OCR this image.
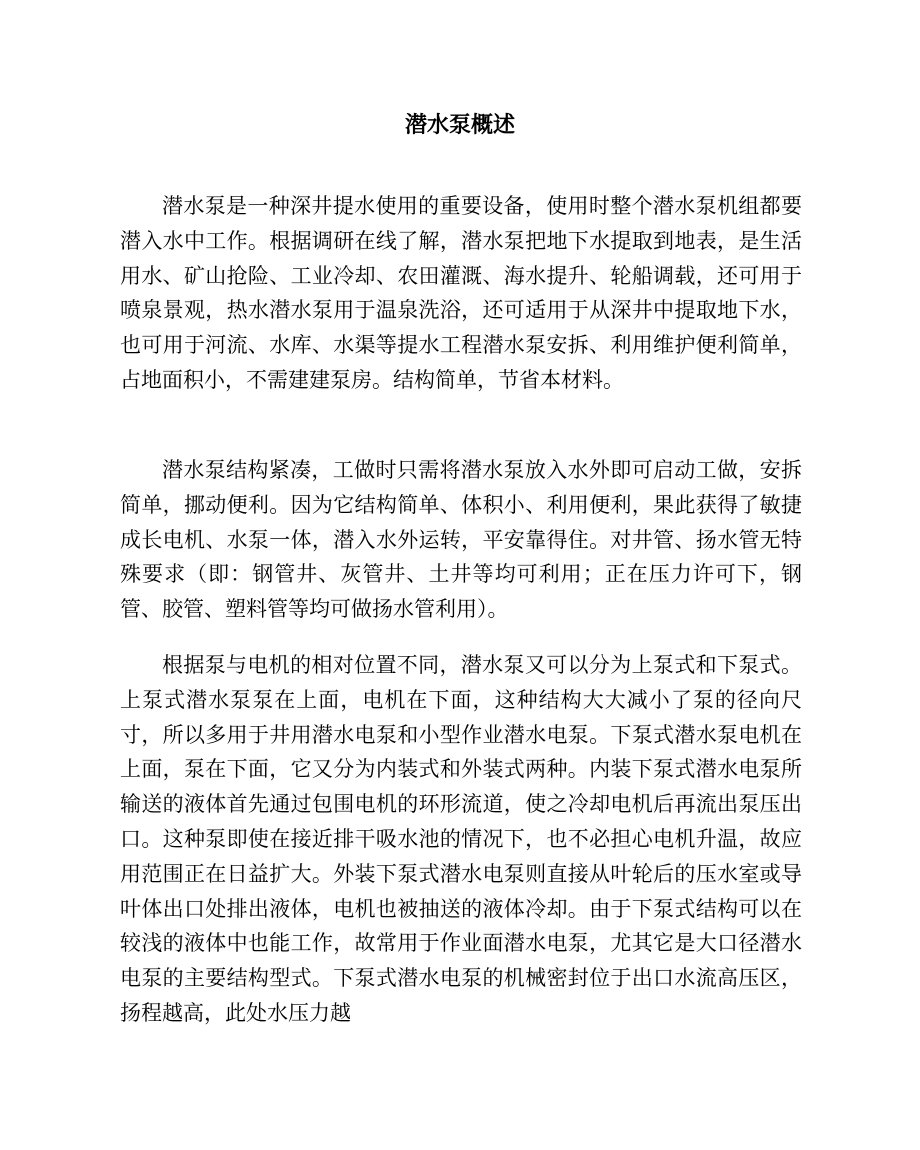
潜水泵概述

潜水泵是一种深井提水使用的重要设备，使用时整个潜水泵机组都要潜入水中工作。根据调研在线了解，潜水泵把地下水提取到地表，是生活用水、矿山抢险、工业冷却、农田灌溉、海水提升、轮船调载，还可用于喷泉景观，热水潜水泵用于温泉洗浴，还可适用于从深井中提取地下水，也可用于河流、水库、水渠等提水工程潜水泵安拆、利用维护便利简单，占地面积小，不需建建泵房。结构简单，节省本材料。

潜水泵结构紧凑，工做时只需将潜水泵放入水外即可启动工做，安拆简单，挪动便利。因为它结构简单、体积小、利用便利，果此获得了敏捷成长电机、水泵一体，潜入水外运转，平安靠得住。对井管、扬水管无特殊要求（即：钢管井、灰管井、土井等均可利用；正在压力许可下，钢管、胶管、塑料管等均可做扬水管利用）。

根据泵与电机的相对位置不同，潜水泵又可以分为上泵式和下泵式。上泵式潜水泵泵在上面，电机在下面，这种结构大大减小了泵的径向尺寸，所以多用于井用潜水电泵和小型作业潜水电泵。下泵式潜水泵电机在上面，泵在下面，它又分为内装式和外装式两种。内装下泵式潜水电泵所输送的液体首先通过包围电机的环形流道，使之冷却电机后再流出泵压出口。这种泵即使在接近排干吸水池的情况下，也不必担心电机升温，故应用范围正在日益扩大。外装下泵式潜水电泵则直接从叶轮后的压水室或导叶体出口处排出液体，电机也被抽送的液体冷却。由于下泵式结构可以在较浅的液体中也能工作，故常用于作业面潜水电泵，尤其它是大口径潜水电泵的主要结构型式。下泵式潜水电泵的机械密封位于出口水流高压区，扬程越高，此处水压力越
